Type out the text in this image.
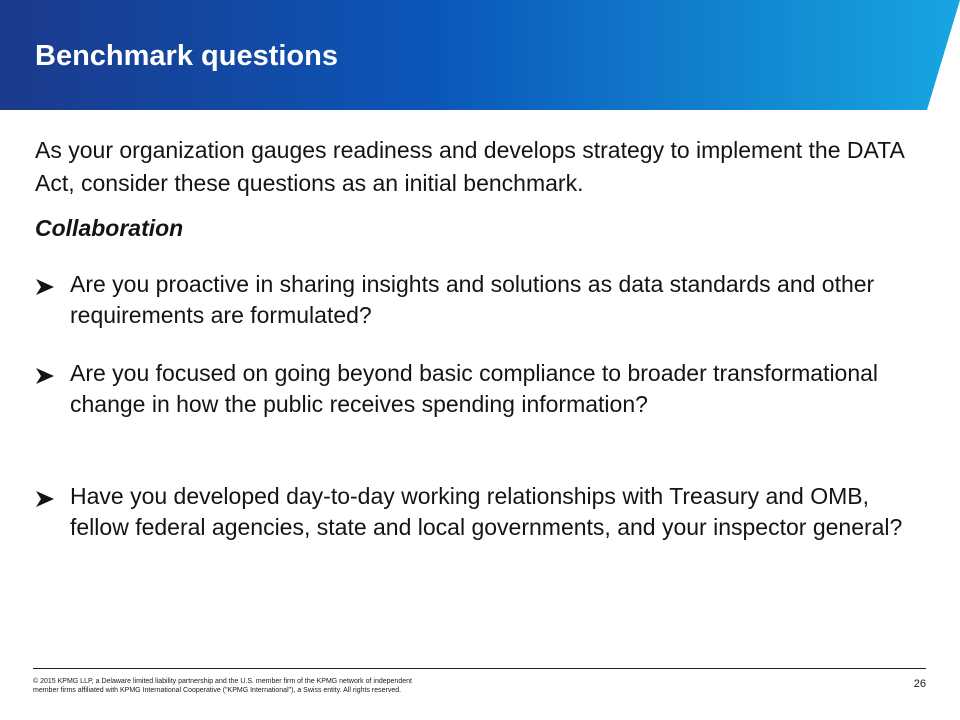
Benchmark questions

As your organization gauges readiness and develops strategy to implement the DATA Act, consider these questions as an initial benchmark.

Collaboration

Are you proactive in sharing insights and solutions as data standards and other requirements are formulated?
Are you focused on going beyond basic compliance to broader transformational change in how the public receives spending information?
Have you developed day-to-day working relationships with Treasury and OMB, fellow federal agencies, state and local governments, and your inspector general?

© 2015 KPMG LLP, a Delaware limited liability partnership and the U.S. member firm of the KPMG network of independent
member firms affiliated with KPMG International Cooperative ("KPMG International"), a Swiss entity. All rights reserved.

26
